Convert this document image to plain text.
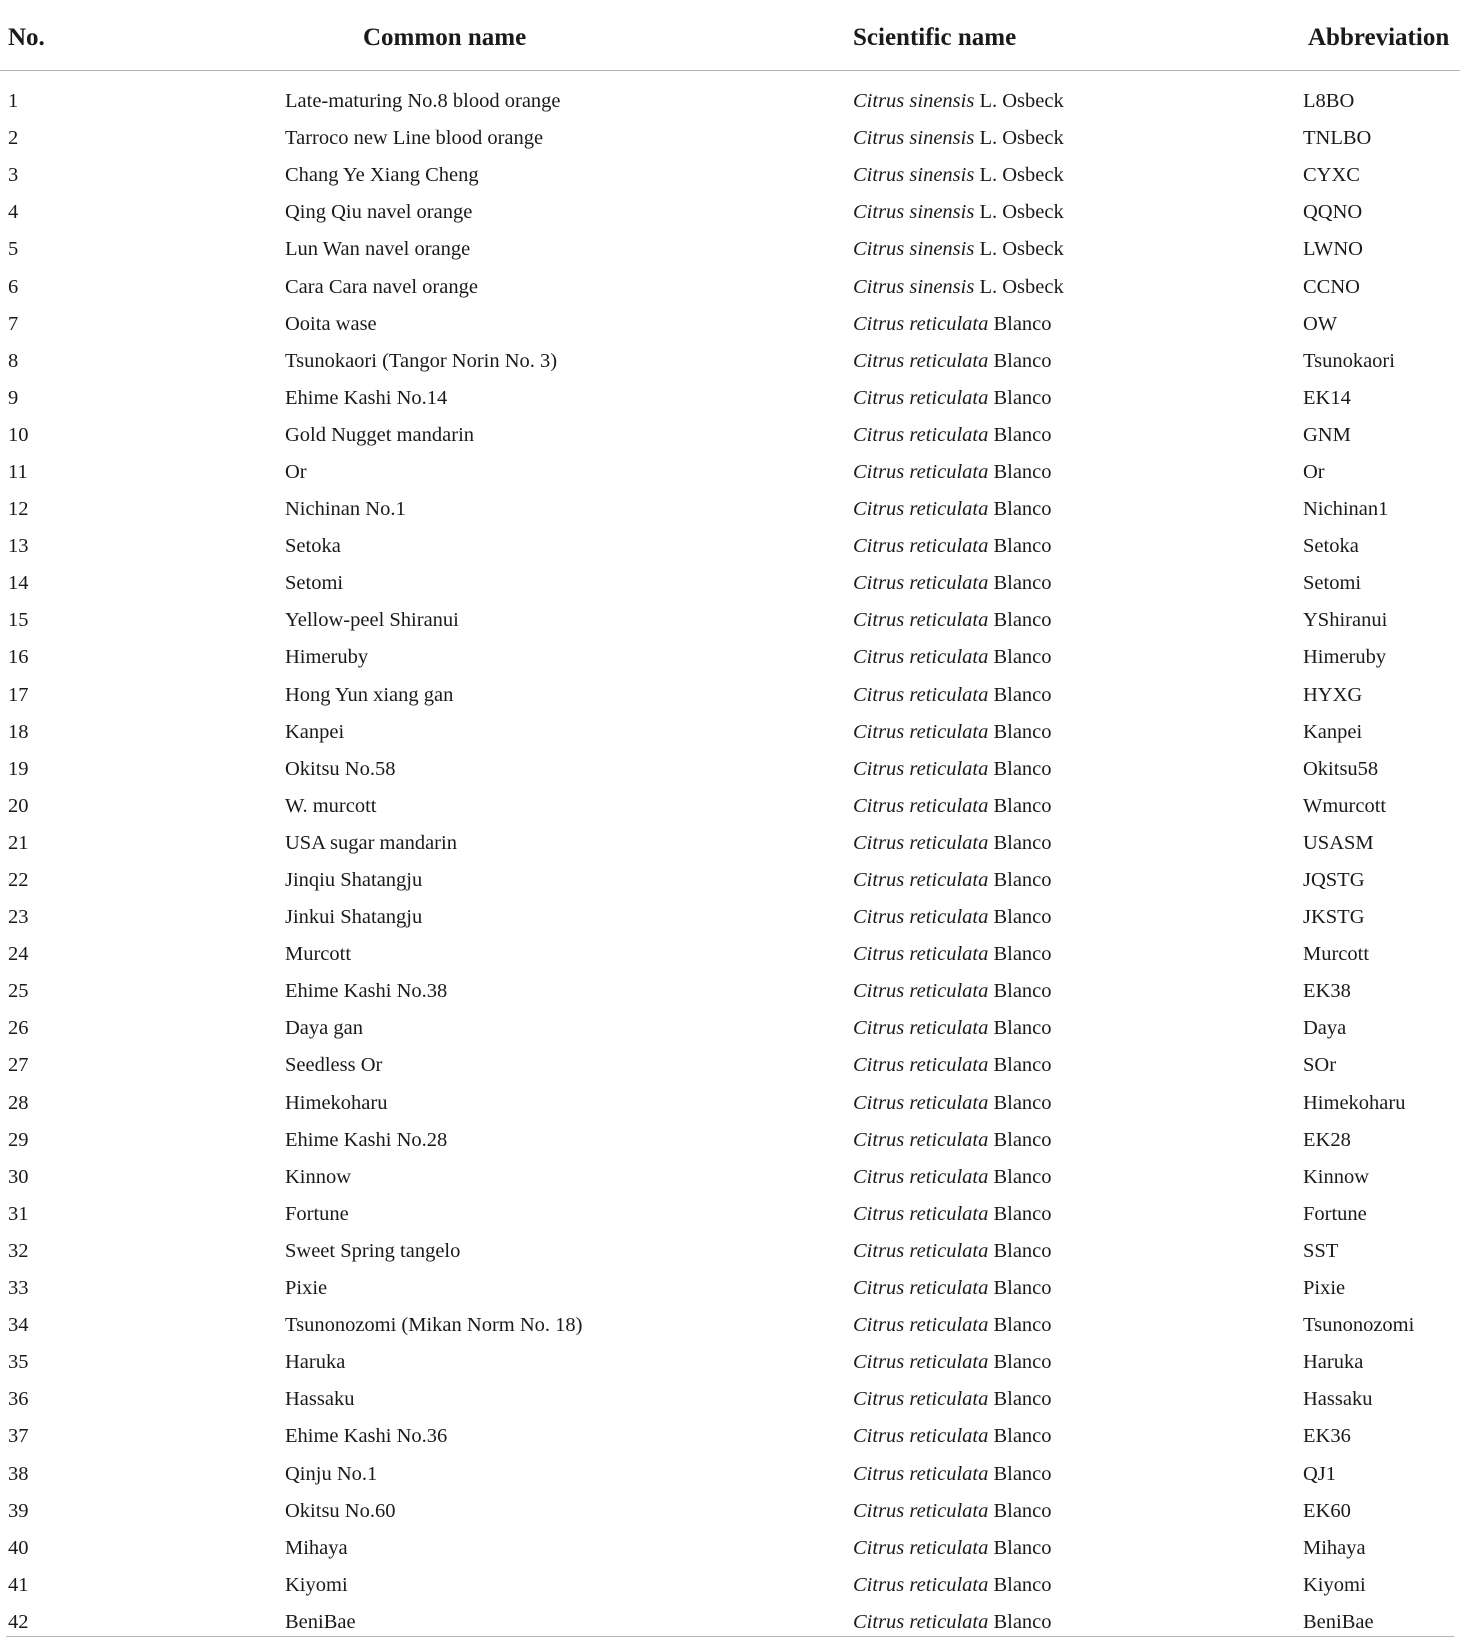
No.	Common name	Scientific name	Abbreviation
1	Late-maturing No.8 blood orange	Citrus sinensis L. Osbeck	L8BO
2	Tarroco new Line blood orange	Citrus sinensis L. Osbeck	TNLBO
3	Chang Ye Xiang Cheng	Citrus sinensis L. Osbeck	CYXC
4	Qing Qiu navel orange	Citrus sinensis L. Osbeck	QQNO
5	Lun Wan navel orange	Citrus sinensis L. Osbeck	LWNO
6	Cara Cara navel orange	Citrus sinensis L. Osbeck	CCNO
7	Ooita wase	Citrus reticulata Blanco	OW
8	Tsunokaori (Tangor Norin No. 3)	Citrus reticulata Blanco	Tsunokaori
9	Ehime Kashi No.14	Citrus reticulata Blanco	EK14
10	Gold Nugget mandarin	Citrus reticulata Blanco	GNM
11	Or	Citrus reticulata Blanco	Or
12	Nichinan No.1	Citrus reticulata Blanco	Nichinan1
13	Setoka	Citrus reticulata Blanco	Setoka
14	Setomi	Citrus reticulata Blanco	Setomi
15	Yellow-peel Shiranui	Citrus reticulata Blanco	YShiranui
16	Himeruby	Citrus reticulata Blanco	Himeruby
17	Hong Yun xiang gan	Citrus reticulata Blanco	HYXG
18	Kanpei	Citrus reticulata Blanco	Kanpei
19	Okitsu No.58	Citrus reticulata Blanco	Okitsu58
20	W. murcott	Citrus reticulata Blanco	Wmurcott
21	USA sugar mandarin	Citrus reticulata Blanco	USASM
22	Jinqiu Shatangju	Citrus reticulata Blanco	JQSTG
23	Jinkui Shatangju	Citrus reticulata Blanco	JKSTG
24	Murcott	Citrus reticulata Blanco	Murcott
25	Ehime Kashi No.38	Citrus reticulata Blanco	EK38
26	Daya gan	Citrus reticulata Blanco	Daya
27	Seedless Or	Citrus reticulata Blanco	SOr
28	Himekoharu	Citrus reticulata Blanco	Himekoharu
29	Ehime Kashi No.28	Citrus reticulata Blanco	EK28
30	Kinnow	Citrus reticulata Blanco	Kinnow
31	Fortune	Citrus reticulata Blanco	Fortune
32	Sweet Spring tangelo	Citrus reticulata Blanco	SST
33	Pixie	Citrus reticulata Blanco	Pixie
34	Tsunonozomi (Mikan Norm No. 18)	Citrus reticulata Blanco	Tsunonozomi
35	Haruka	Citrus reticulata Blanco	Haruka
36	Hassaku	Citrus reticulata Blanco	Hassaku
37	Ehime Kashi No.36	Citrus reticulata Blanco	EK36
38	Qinju No.1	Citrus reticulata Blanco	QJ1
39	Okitsu No.60	Citrus reticulata Blanco	EK60
40	Mihaya	Citrus reticulata Blanco	Mihaya
41	Kiyomi	Citrus reticulata Blanco	Kiyomi
42	BeniBae	Citrus reticulata Blanco	BeniBae
